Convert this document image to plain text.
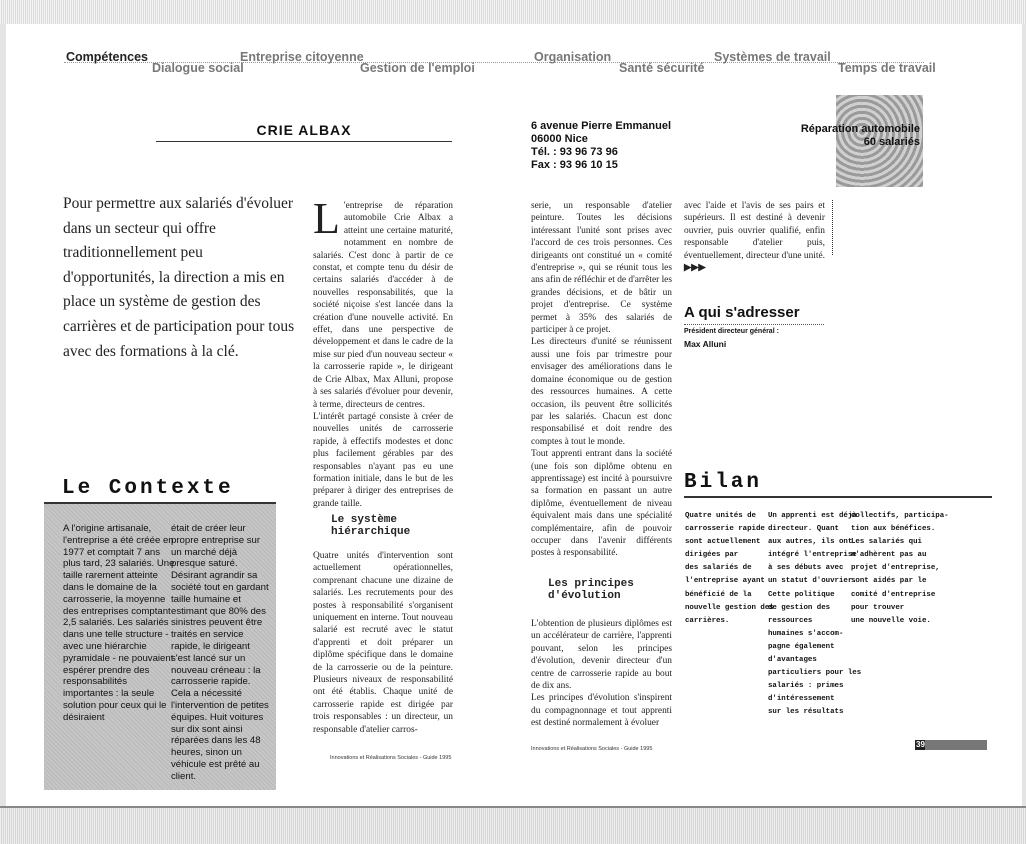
Compétences
Dialogue social
Entreprise citoyenne
Gestion de l'emploi
Organisation
Santé sécurité
Systèmes de travail
Temps de travail
CRIE ALBAX	6 avenue Pierre Emmanuel
06000 Nice
Tél. : 93 96 73 96
Fax : 93 96 10 15
Réparation automobile
60 salariés
Pour permettre aux salariés d'évoluer dans un secteur qui offre traditionnellement peu d'opportunités, la direction a mis en place un système de gestion des carrières et de participation pour tous avec des formations à la clé.
L 'entreprise de réparation automobile Crie Albax a atteint une certaine maturité, notamment en nombre de salariés. C'est donc à partir de ce constat, et compte tenu du désir de certains salariés d'accéder à de nouvelles responsabilités, que la société niçoise s'est lancée dans la création d'une nouvelle activité. En effet, dans une perspective de développement et dans le cadre de la mise sur pied d'un nouveau secteur « la carrosserie rapide », le dirigeant de Crie Albax, Max Alluni, propose à ses salariés d'évoluer pour devenir, à terme, directeurs de centres.

L'intérêt partagé consiste à créer de nouvelles unités de carrosserie rapide, à effectifs modestes et donc plus facilement gérables par des responsables n'ayant pas eu une formation initiale, dans le but de les préparer à diriger des entreprises de grande taille.

Le système hiérarchique

Quatre unités d'intervention sont actuellement opérationnelles, comprenant chacune une dizaine de salariés. Les recrutements pour des postes à responsabilité s'organisent uniquement en interne. Tout nouveau salarié est recruté avec le statut d'apprenti et doit préparer un diplôme spécifique dans le domaine de la carrosserie ou de la peinture. Plusieurs niveaux de responsabilité ont été établis. Chaque unité de carrosserie rapide est dirigée par trois responsables : un directeur, un responsable d'atelier carros-

Innovations et Réalisations Sociales - Guide 1995

serie, un responsable d'atelier peinture. Toutes les décisions intéressant l'unité sont prises avec l'accord de ces trois personnes. Ces dirigeants ont constitué un « comité d'entreprise », qui se réunit tous les ans afin de réfléchir et de d'arrêter les grandes décisions, et de bâtir un projet d'entreprise. Ce système permet à 35% des salariés de participer à ce projet.

Les directeurs d'unité se réunissent aussi une fois par trimestre pour envisager des améliorations dans le domaine économique ou de gestion des ressources humaines. A cette occasion, ils peuvent être sollicités par les salariés. Chacun est donc responsabilisé et doit rendre des comptes à tout le monde.

Tout apprenti entrant dans la société (une fois son diplôme obtenu en apprentissage) est incité à poursuivre sa formation en passant un autre diplôme, éventuellement de niveau équivalent mais dans une spécialité complémentaire, afin de pouvoir occuper dans l'avenir différents postes à responsabilité.

Les principes d'évolution

L'obtention de plusieurs diplômes est un accélérateur de carrière, l'apprenti pouvant, selon les principes d'évolution, devenir directeur d'un centre de carrosserie rapide au bout de dix ans.

Les principes d'évolution s'inspirent du compagnonnage et tout apprenti est destiné normalement à évoluer

Innovations et Réalisations Sociales - Guide 1995

avec l'aide et l'avis de ses pairs et supérieurs. Il est destiné à devenir ouvrier, puis ouvrier qualifié, enfin responsable d'atelier puis, éventuellement, directeur d'une unité. ▶▶▶

A qui s'adresser
Président directeur général :
Max Alluni
Le Contexte
A l'origine artisanale, l'entreprise a été créée en 1977 et comptait 7 ans plus tard, 23 salariés. Une taille rarement atteinte dans le domaine de la carrosserie, la moyenne des entreprises comptant 2,5 salariés. Les salariés dans une telle structure - avec une hiérarchie pyramidale - ne pouvaient espérer prendre des responsabilités importantes : la seule solution pour ceux qui le désiraient
était de créer leur propre entreprise sur un marché déjà presque saturé. Désirant agrandir sa société tout en gardant taille humaine et estimant que 80% des sinistres peuvent être traités en service rapide, le dirigeant s'est lancé sur un nouveau créneau : la carrosserie rapide. Cela a nécessité l'intervention de petites équipes. Huit voitures sur dix sont ainsi réparées dans les 48 heures, sinon un véhicule est prêté au client.
Bilan

Quatre unités de

carrosserie rapide

sont actuellement

dirigées par

des salariés de

l'entreprise ayant

bénéficié de la

nouvelle gestion des

carrières.

Un apprenti est déjà

directeur. Quant

aux autres, ils ont

intégré l'entreprise

à ses débuts avec

un statut d'ouvrier.

Cette politique

de gestion des

ressources

humaines s'accom-

pagne également

d'avantages

particuliers pour les

salariés : primes

d'intéressement

sur les résultats

collectifs, participa-

tion aux bénéfices.

Les salariés qui

n'adhèrent pas au

projet d'entreprise,

sont aidés par le

comité d'entreprise

pour trouver

une nouvelle voie.

39
